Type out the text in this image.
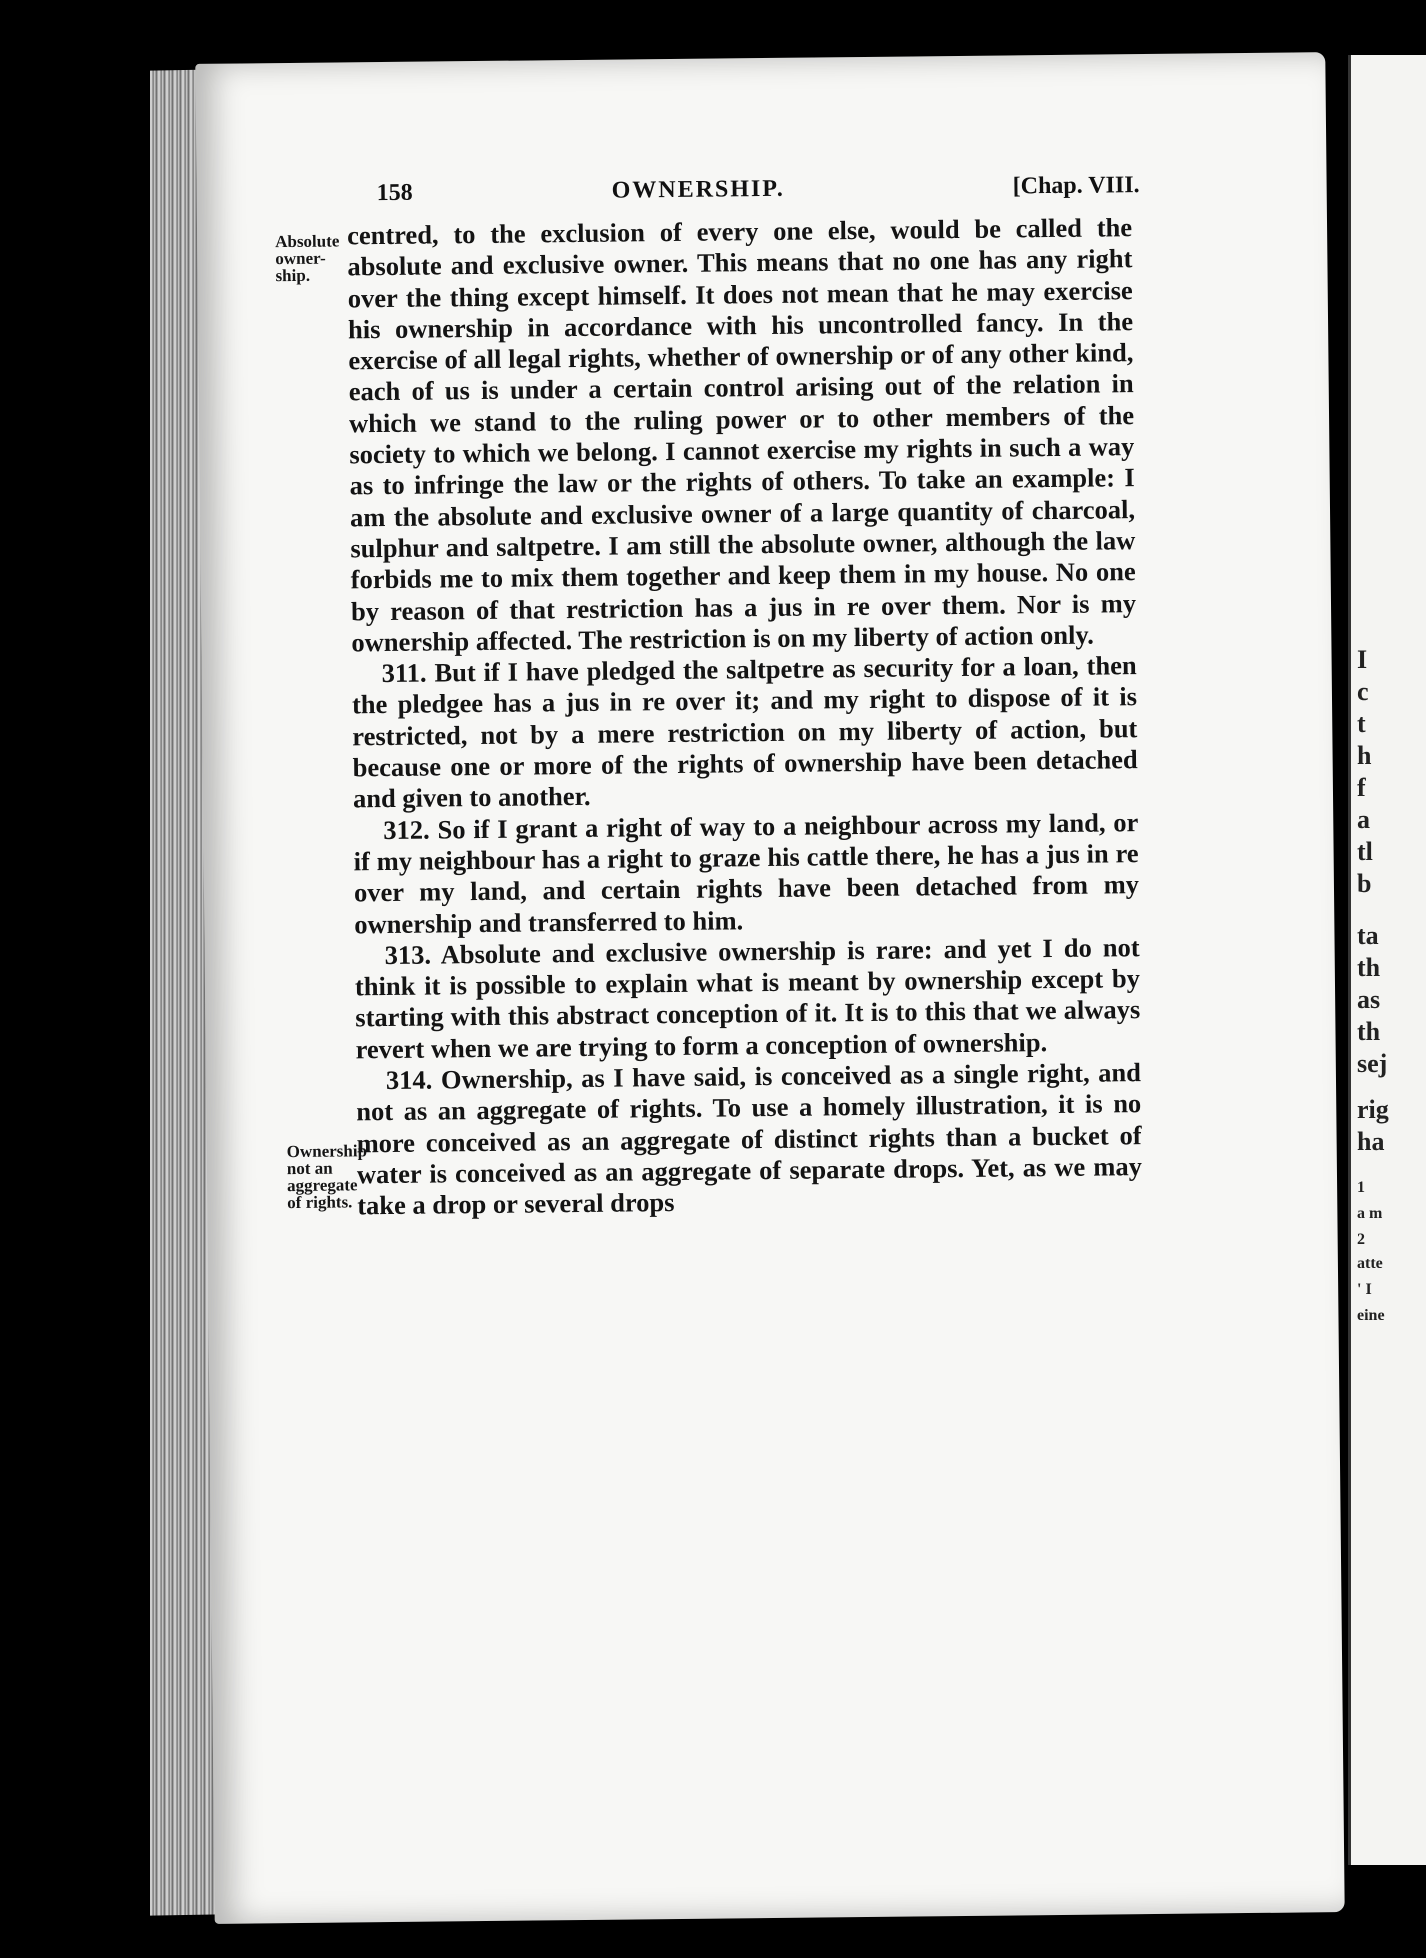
I
c
t
h
f
a
tl
b
ta
th
as
th
sej
rig
ha
1
a m
2
atte
' I
eine
Absolute
owner-
ship.
Ownership
not an
aggregate
of rights.
158	OWNERSHIP.	[Chap. VIII.

centred, to the exclusion of every one else, would be called the absolute and exclusive owner. This means that no one has any right over the thing except himself. It does not mean that he may exercise his ownership in accordance with his uncontrolled fancy. In the exercise of all legal rights, whether of ownership or of any other kind, each of us is under a certain control arising out of the relation in which we stand to the ruling power or to other members of the society to which we belong. I cannot exercise my rights in such a way as to infringe the law or the rights of others. To take an example: I am the absolute and exclusive owner of a large quantity of charcoal, sulphur and saltpetre. I am still the absolute owner, although the law forbids me to mix them together and keep them in my house. No one by reason of that restriction has a jus in re over them. Nor is my ownership affected. The restriction is on my liberty of action only.

311. But if I have pledged the saltpetre as security for a loan, then the pledgee has a jus in re over it; and my right to dispose of it is restricted, not by a mere restriction on my liberty of action, but because one or more of the rights of ownership have been detached and given to another.

312. So if I grant a right of way to a neighbour across my land, or if my neighbour has a right to graze his cattle there, he has a jus in re over my land, and certain rights have been detached from my ownership and transferred to him.

313. Absolute and exclusive ownership is rare: and yet I do not think it is possible to explain what is meant by ownership except by starting with this abstract conception of it. It is to this that we always revert when we are trying to form a conception of ownership.

314. Ownership, as I have said, is conceived as a single right, and not as an aggregate of rights. To use a homely illustration, it is no more conceived as an aggregate of distinct rights than a bucket of water is conceived as an aggregate of separate drops. Yet, as we may take a drop or several drops
